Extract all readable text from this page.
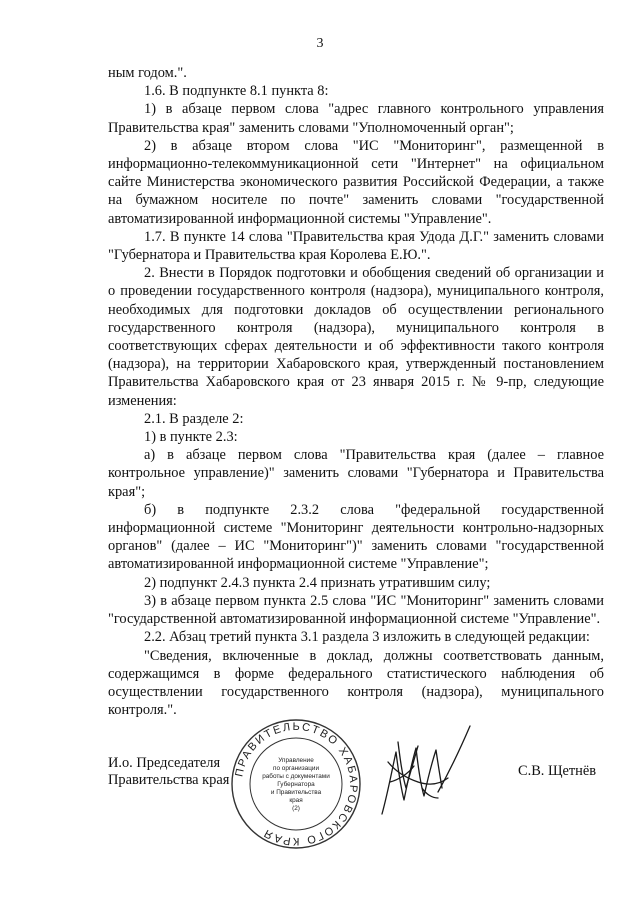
3

ным годом.".

1.6. В подпункте 8.1 пункта 8:

1) в абзаце первом слова "адрес главного контрольного управления Правительства края" заменить словами "Уполномоченный орган";

2) в абзаце втором слова "ИС "Мониторинг", размещенной в информационно-телекоммуникационной сети "Интернет" на официальном сайте Министерства экономического развития Российской Федерации, а также на бумажном носителе по почте" заменить словами "государственной автоматизированной информационной системы "Управление".

1.7. В пункте 14 слова "Правительства края Удода Д.Г." заменить словами "Губернатора и Правительства края Королева Е.Ю.".

2. Внести в Порядок подготовки и обобщения сведений об организации и о проведении государственного контроля (надзора), муниципального контроля, необходимых для подготовки докладов об осуществлении регионального государственного контроля (надзора), муниципального контроля в соответствующих сферах деятельности и об эффективности такого контроля (надзора), на территории Хабаровского края, утвержденный постановлением Правительства Хабаровского края от 23 января 2015 г. № 9-пр, следующие изменения:

2.1. В разделе 2:

1) в пункте 2.3:

а) в абзаце первом слова "Правительства края (далее – главное контрольное управление)" заменить словами "Губернатора и Правительства края";

б) в подпункте 2.3.2 слова "федеральной государственной информационной системе "Мониторинг деятельности контрольно-надзорных органов" (далее – ИС "Мониторинг")" заменить словами "государственной автоматизированной информационной системе "Управление";

2) подпункт 2.4.3 пункта 2.4 признать утратившим силу;

3) в абзаце первом пункта 2.5 слова "ИС "Мониторинг" заменить словами "государственной автоматизированной информационной системе "Управление".

2.2. Абзац третий пункта 3.1 раздела 3 изложить в следующей редакции:

"Сведения, включенные в доклад, должны соответствовать данным, содержащимся в форме федерального статистического наблюдения об осуществлении государственного контроля (надзора), муниципального контроля.".

И.о. Председателя
Правительства края
ПРАВИТЕЛЬСТВО ХАБАРОВСКОГО КРАЯ
Управление
по организации
работы с документами
Губернатора
и Правительства
края
(2)
С.В. Щетнёв
